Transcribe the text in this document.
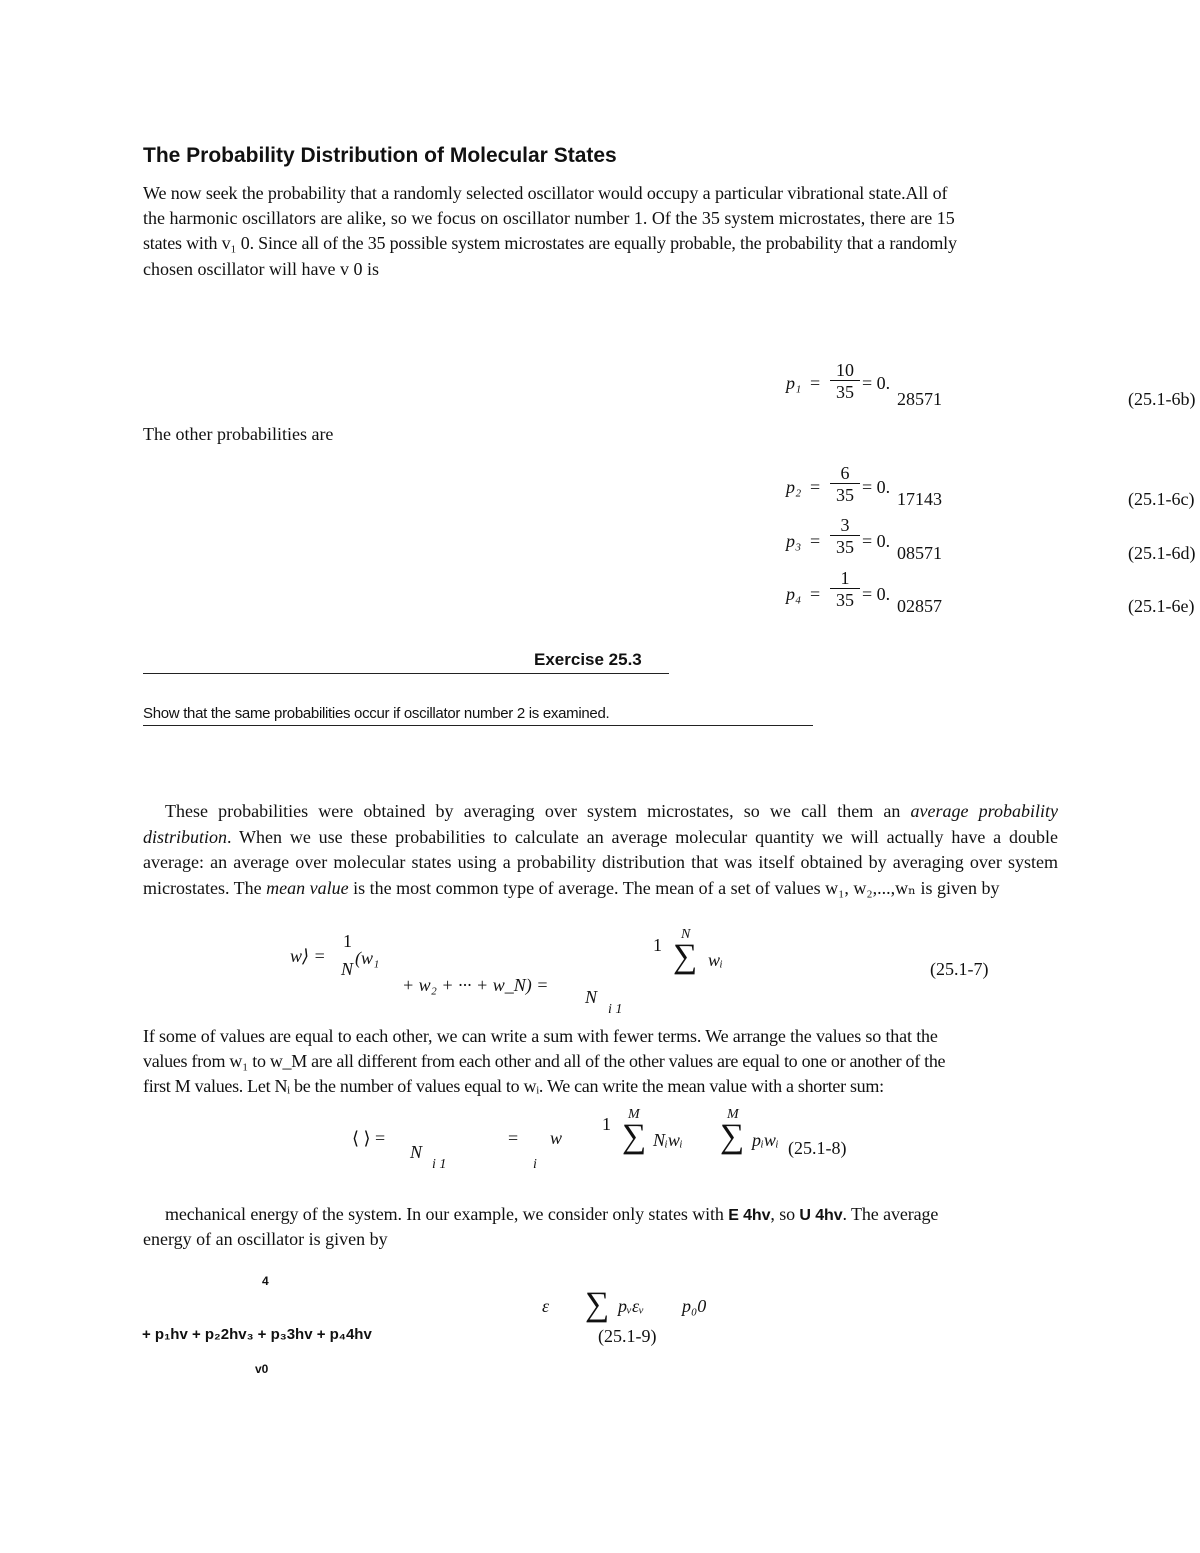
The Probability Distribution of Molecular States
We now seek the probability that a randomly selected oscillator would occupy a particular vibrational state.All of
the harmonic oscillators are alike, so we focus on oscillator number 1. Of the 35 system microstates, there are 15
states with v₁ 0. Since all of the 35 possible system microstates are equally probable, the probability that a randomly
chosen oscillator will have v 0 is
$p_1 = \frac{10}{35} = 0$.
28571	(25.1-6b)
The other probabilities are
$p_2 = \frac{6}{35} = 0$.
17143	(25.1-6c)
$p_3 = \frac{3}{35} = 0$.
08571	(25.1-6d)
$p_4 = \frac{1}{35} = 0$.
02857	(25.1-6e)
Exercise 25.3
Show that the same probabilities occur if oscillator number 2 is examined.
These probabilities were obtained by averaging over system microstates, so we call them an average probability distribution. When we use these probabilities to calculate an average molecular quantity we will actually have a double average: an average over molecular states using a probability distribution that was itself obtained by averaging over system microstates. The mean value is the most common type of average. The mean of a set of values w₁, w₂,...,wₙ is given by
w⟩ =
1
N
(w₁
+ w₂ + ··· + w_N) =
N
i 1
1
N
∑ wᵢ	(25.1-7)
If some of values are equal to each other, we can write a sum with fewer terms. We arrange the values so that the
values from w₁ to w_M are all different from each other and all of the other values are equal to one or another of the
first M values. Let Nᵢ be the number of values equal to wᵢ. We can write the mean value with a shorter sum:
⟨ ⟩ =
N
i 1
= w
i
1 M
∑ Nᵢwᵢ
M
∑ pᵢwᵢ (25.1-8)
mechanical energy of the system. In our example, we consider only states with E 4hv, so U 4hv. The average
energy of an oscillator is given by
4
ε ∑ pᵥεᵥ p₀0
+ p₁hv + p₂2hv₃ + p₃3hv + p₄4hv	(25.1-9)
v0
